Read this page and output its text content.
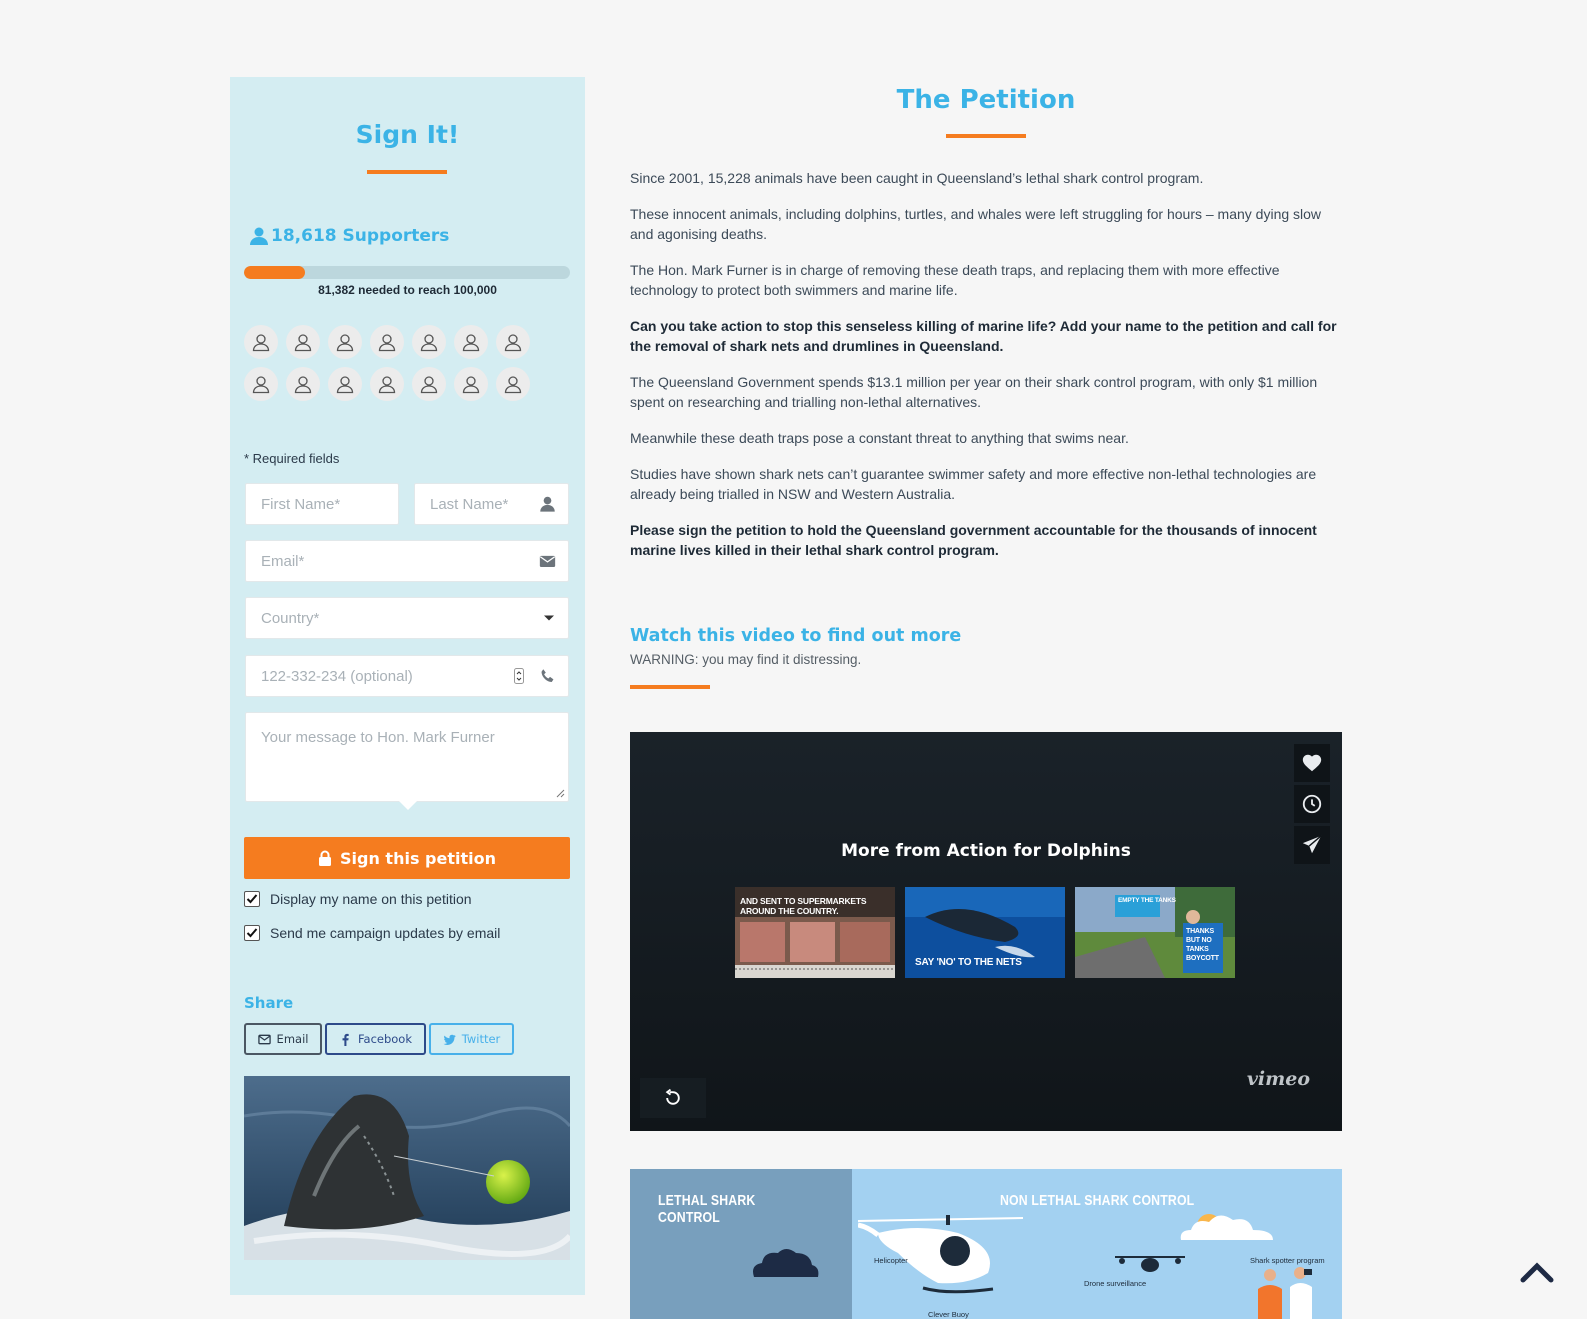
Sign It!
18,618 Supporters
81,382 needed to reach 100,000
* Required fields
First Name*	Last Name*
Email*
Country*
122-332-234 (optional)
Your message to Hon. Mark Furner
Sign this petition
Display my name on this petition
Send me campaign updates by email
Share
Email	Facebook	Twitter
The Petition

Since 2001, 15,228 animals have been caught in Queensland’s lethal shark control program.

These innocent animals, including dolphins, turtles, and whales were left struggling for hours – many dying slow and agonising deaths.

The Hon. Mark Furner is in charge of removing these death traps, and replacing them with more effective technology to protect both swimmers and marine life.

Can you take action to stop this senseless killing of marine life? Add your name to the petition and call for the removal of shark nets and drumlines in Queensland.

The Queensland Government spends $13.1 million per year on their shark control program, with only $1 million spent on researching and trialling non-lethal alternatives.

Meanwhile these death traps pose a constant threat to anything that swims near.

Studies have shown shark nets can’t guarantee swimmer safety and more effective non-lethal technologies are already being trialled in NSW and Western Australia.

Please sign the petition to hold the Queensland government accountable for the thousands of innocent marine lives killed in their lethal shark control program.

Watch this video to find out more
WARNING: you may find it distressing.
More from Action for Dolphins
AND SENT TO SUPERMARKETS AROUND THE COUNTRY.
SAY 'NO' TO THE NETS
EMPTY THE TANKS
THANKS BUT NO TANKS BOYCOTT
vimeo
LETHAL SHARK CONTROL
NON LETHAL SHARK CONTROL
Helicopter
Drone surveillance
Shark spotter program
Clever Buoy
